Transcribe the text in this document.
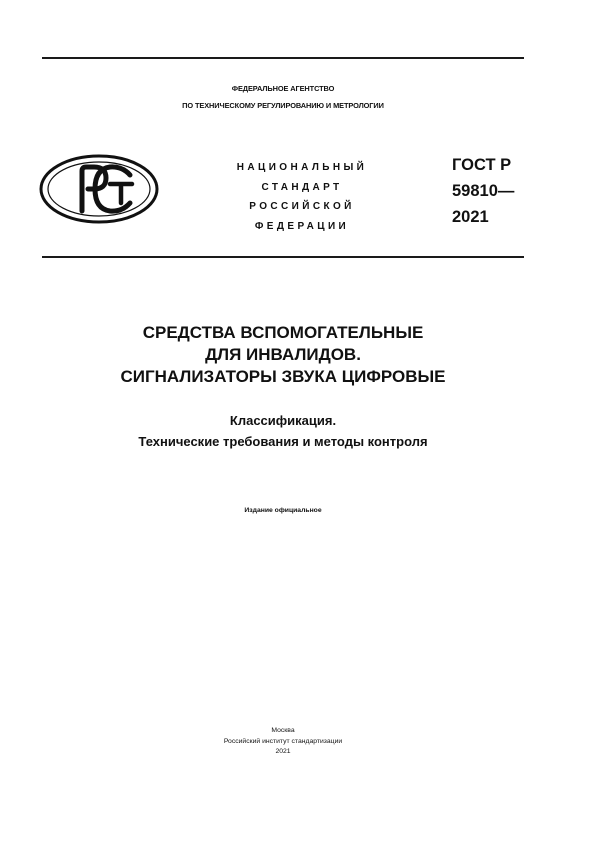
ФЕДЕРАЛЬНОЕ АГЕНТСТВО
ПО ТЕХНИЧЕСКОМУ РЕГУЛИРОВАНИЮ И МЕТРОЛОГИИ
НАЦИОНАЛЬНЫЙ
СТАНДАРТ
РОССИЙСКОЙ
ФЕДЕРАЦИИ
ГОСТ Р
59810—
2021
СРЕДСТВА ВСПОМОГАТЕЛЬНЫЕ
ДЛЯ ИНВАЛИДОВ.
СИГНАЛИЗАТОРЫ ЗВУКА ЦИФРОВЫЕ
Классификация.
Технические требования и методы контроля
Издание официальное
Москва
Российский институт стандартизации
2021
